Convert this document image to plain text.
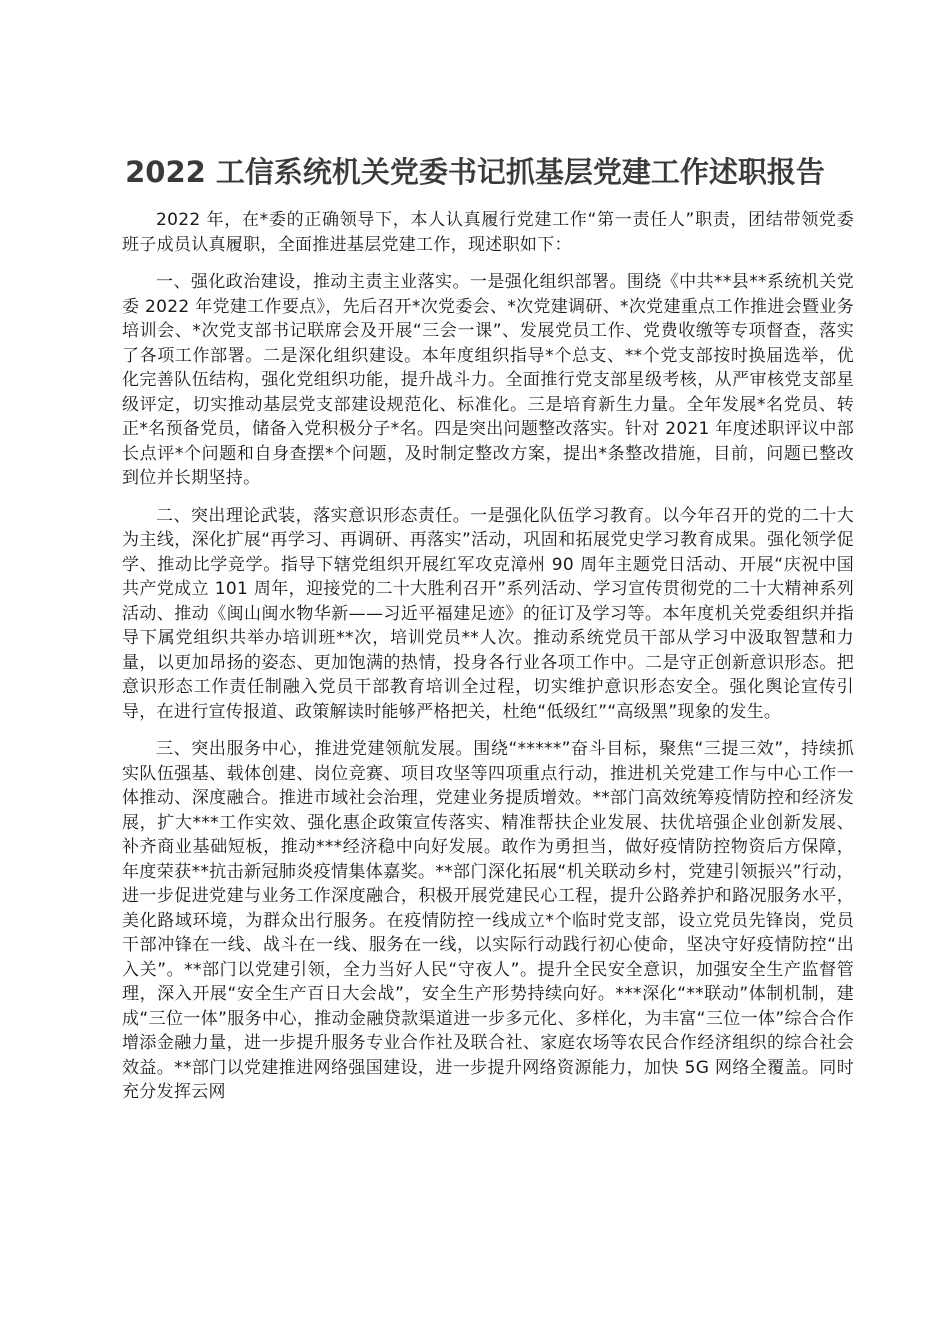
2022 工信系统机关党委书记抓基层党建工作述职报告

2022 年，在*委的正确领导下，本人认真履行党建工作“第一责任人”职责，团结带领党委班子成员认真履职，全面推进基层党建工作，现述职如下：

一、强化政治建设，推动主责主业落实。一是强化组织部署。围绕《中共**县**系统机关党委 2022 年党建工作要点》，先后召开*次党委会、*次党建调研、*次党建重点工作推进会暨业务培训会、*次党支部书记联席会及开展“三会一课”、发展党员工作、党费收缴等专项督查，落实了各项工作部署。二是深化组织建设。本年度组织指导*个总支、**个党支部按时换届选举，优化完善队伍结构，强化党组织功能，提升战斗力。全面推行党支部星级考核，从严审核党支部星级评定，切实推动基层党支部建设规范化、标准化。三是培育新生力量。全年发展*名党员、转正*名预备党员，储备入党积极分子*名。四是突出问题整改落实。针对 2021 年度述职评议中部长点评*个问题和自身查摆*个问题，及时制定整改方案，提出*条整改措施，目前，问题已整改到位并长期坚持。

二、突出理论武装，落实意识形态责任。一是强化队伍学习教育。以今年召开的党的二十大为主线，深化扩展“再学习、再调研、再落实”活动，巩固和拓展党史学习教育成果。强化领学促学、推动比学竞学。指导下辖党组织开展红军攻克漳州 90 周年主题党日活动、开展“庆祝中国共产党成立 101 周年，迎接党的二十大胜利召开”系列活动、学习宣传贯彻党的二十大精神系列活动、推动《闽山闽水物华新——习近平福建足迹》的征订及学习等。本年度机关党委组织并指导下属党组织共举办培训班**次，培训党员**人次。推动系统党员干部从学习中汲取智慧和力量，以更加昂扬的姿态、更加饱满的热情，投身各行业各项工作中。二是守正创新意识形态。把意识形态工作责任制融入党员干部教育培训全过程，切实维护意识形态安全。强化舆论宣传引导，在进行宣传报道、政策解读时能够严格把关，杜绝“低级红”“高级黑”现象的发生。

三、突出服务中心，推进党建领航发展。围绕“*****”奋斗目标，聚焦“三提三效”，持续抓实队伍强基、载体创建、岗位竞赛、项目攻坚等四项重点行动，推进机关党建工作与中心工作一体推动、深度融合。推进市域社会治理，党建业务提质增效。**部门高效统筹疫情防控和经济发展，扩大***工作实效、强化惠企政策宣传落实、精准帮扶企业发展、扶优培强企业创新发展、补齐商业基础短板，推动***经济稳中向好发展。敢作为勇担当，做好疫情防控物资后方保障，年度荣获**抗击新冠肺炎疫情集体嘉奖。**部门深化拓展“机关联动乡村，党建引领振兴”行动，进一步促进党建与业务工作深度融合，积极开展党建民心工程，提升公路养护和路况服务水平，美化路域环境，为群众出行服务。在疫情防控一线成立*个临时党支部，设立党员先锋岗，党员干部冲锋在一线、战斗在一线、服务在一线，以实际行动践行初心使命，坚决守好疫情防控“出入关”。**部门以党建引领，全力当好人民“守夜人”。提升全民安全意识，加强安全生产监督管理，深入开展“安全生产百日大会战”，安全生产形势持续向好。***深化“**联动”体制机制，建成“三位一体”服务中心，推动金融贷款渠道进一步多元化、多样化，为丰富“三位一体”综合合作增添金融力量，进一步提升服务专业合作社及联合社、家庭农场等农民合作经济组织的综合社会效益。**部门以党建推进网络强国建设，进一步提升网络资源能力，加快 5G 网络全覆盖。同时充分发挥云网
